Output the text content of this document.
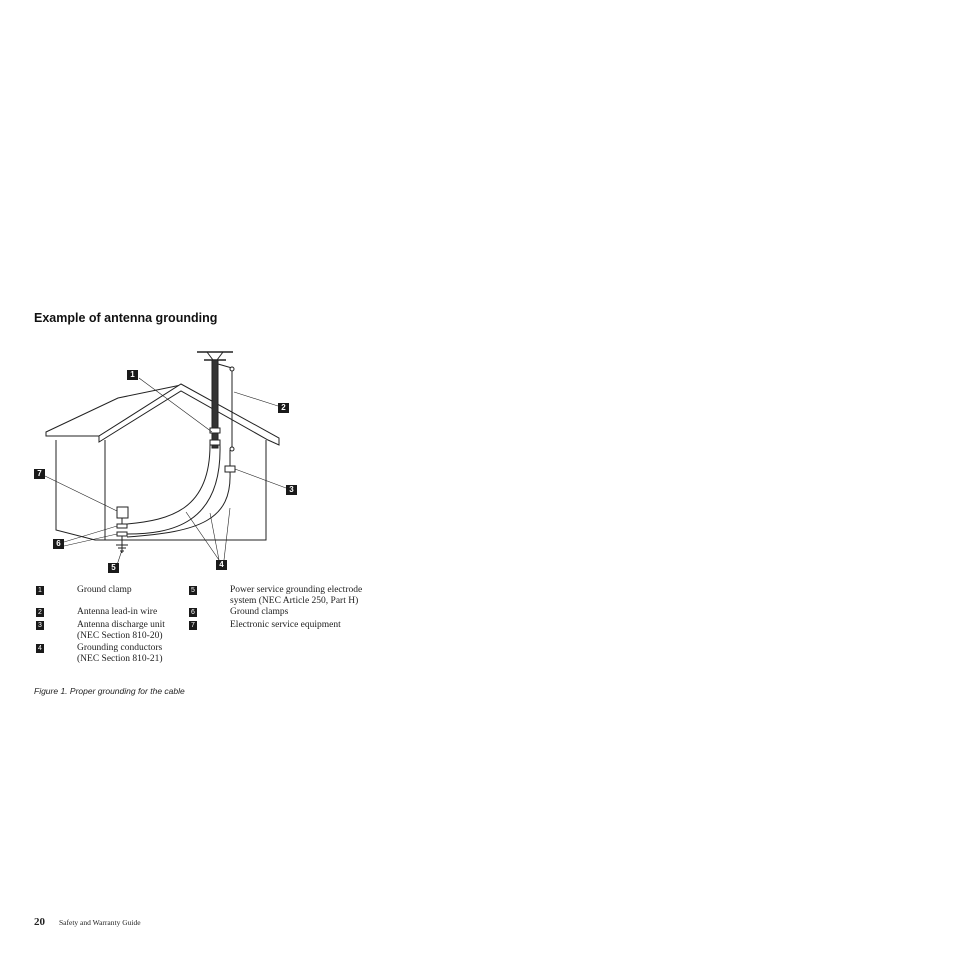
Example of antenna grounding
1
2
3
4
5
6
7
1	Ground clamp
2	Antenna lead-in wire
3	Antenna discharge unit
(NEC Section 810-20)
4	Grounding conductors
(NEC Section 810-21)
5	Power service grounding electrode
system (NEC Article 250, Part H)
6	Ground clamps
7	Electronic service equipment
Figure 1. Proper grounding for the cable
20 Safety and Warranty Guide
